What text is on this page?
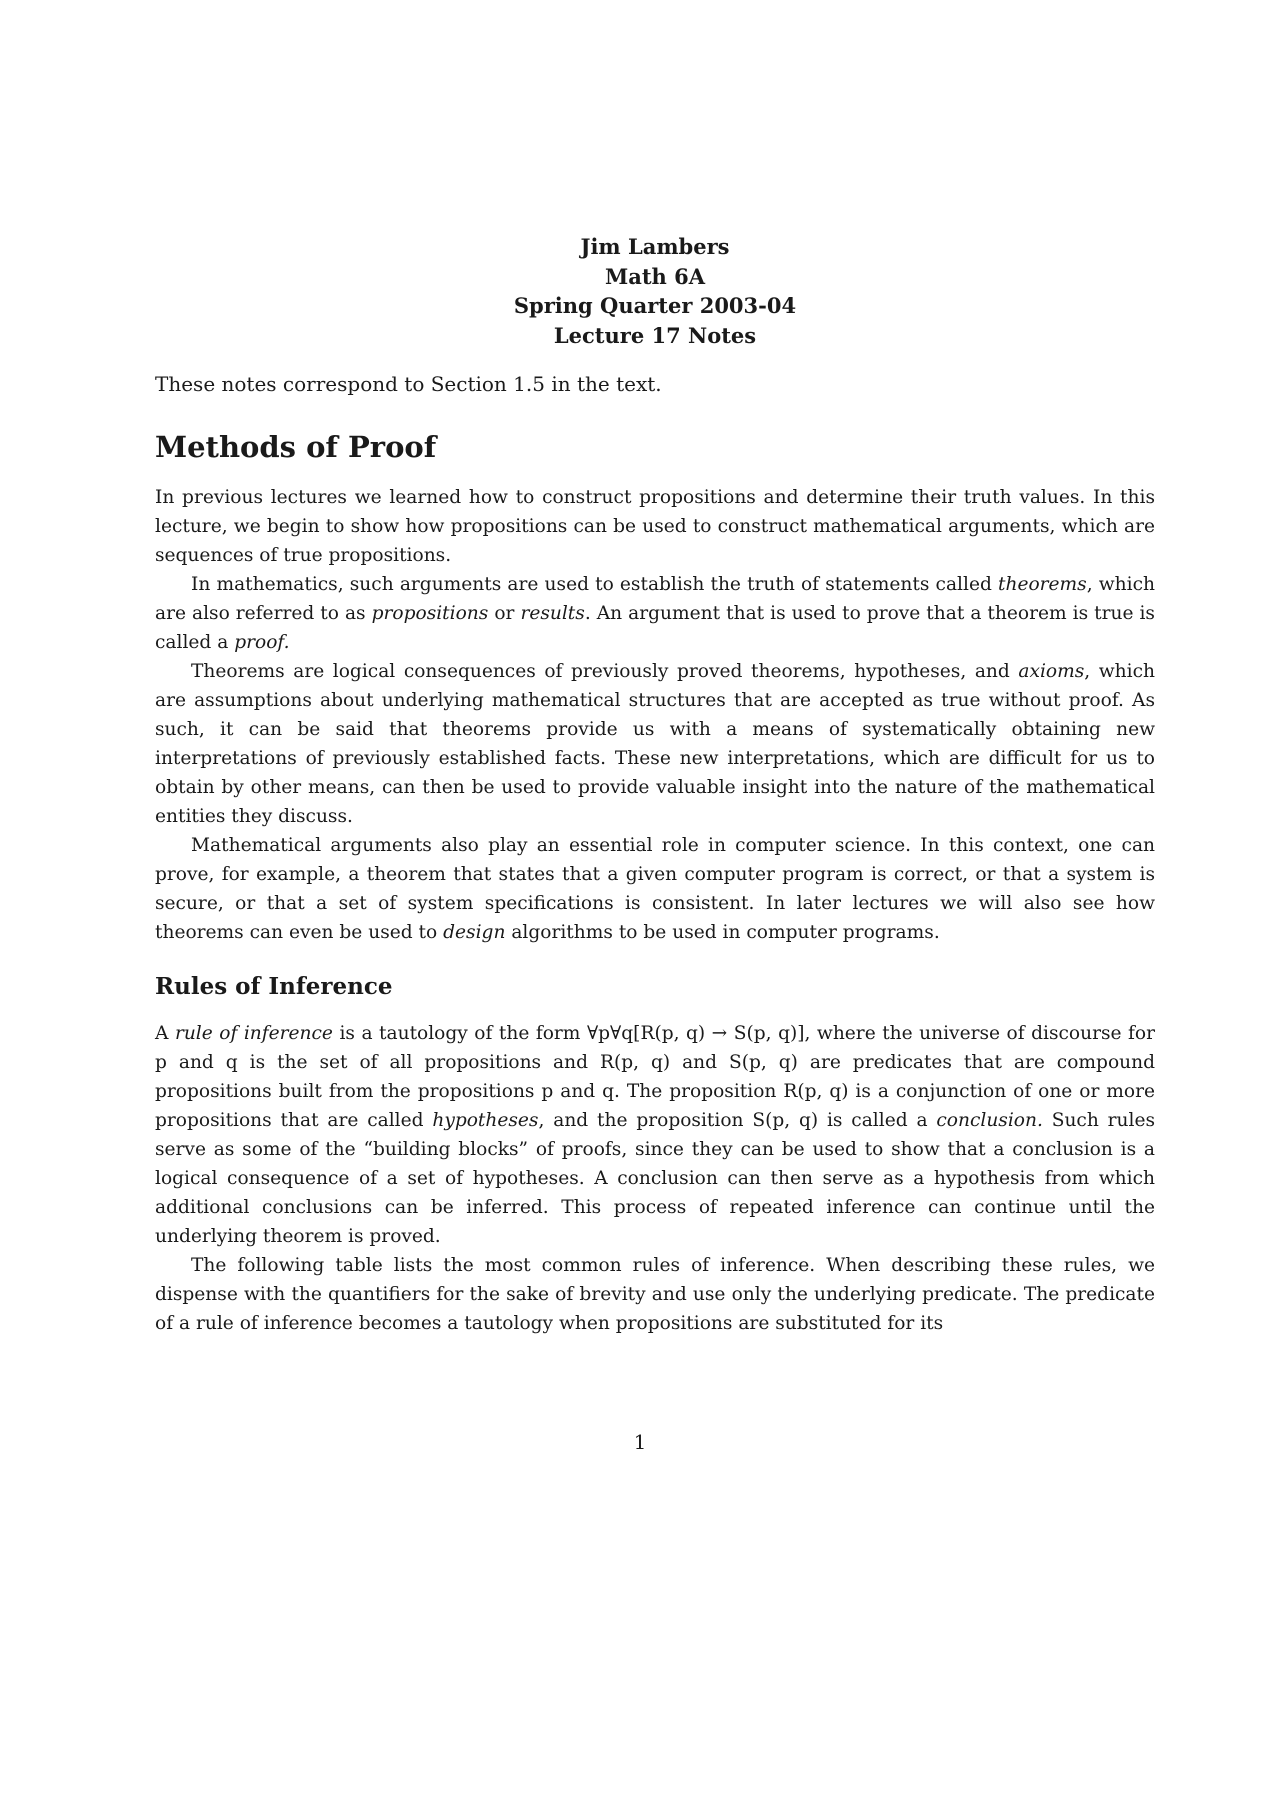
Jim Lambers
Math 6A
Spring Quarter 2003-04
Lecture 17 Notes
These notes correspond to Section 1.5 in the text.
Methods of Proof

In previous lectures we learned how to construct propositions and determine their truth values. In this lecture, we begin to show how propositions can be used to construct mathematical arguments, which are sequences of true propositions.

In mathematics, such arguments are used to establish the truth of statements called theorems, which are also referred to as propositions or results. An argument that is used to prove that a theorem is true is called a proof.

Theorems are logical consequences of previously proved theorems, hypotheses, and axioms, which are assumptions about underlying mathematical structures that are accepted as true without proof. As such, it can be said that theorems provide us with a means of systematically obtaining new interpretations of previously established facts. These new interpretations, which are difficult for us to obtain by other means, can then be used to provide valuable insight into the nature of the mathematical entities they discuss.

Mathematical arguments also play an essential role in computer science. In this context, one can prove, for example, a theorem that states that a given computer program is correct, or that a system is secure, or that a set of system specifications is consistent. In later lectures we will also see how theorems can even be used to design algorithms to be used in computer programs.

Rules of Inference

A rule of inference is a tautology of the form ∀p∀q[R(p, q) → S(p, q)], where the universe of discourse for p and q is the set of all propositions and R(p, q) and S(p, q) are predicates that are compound propositions built from the propositions p and q. The proposition R(p, q) is a conjunction of one or more propositions that are called hypotheses, and the proposition S(p, q) is called a conclusion. Such rules serve as some of the “building blocks” of proofs, since they can be used to show that a conclusion is a logical consequence of a set of hypotheses. A conclusion can then serve as a hypothesis from which additional conclusions can be inferred. This process of repeated inference can continue until the underlying theorem is proved.

The following table lists the most common rules of inference. When describing these rules, we dispense with the quantifiers for the sake of brevity and use only the underlying predicate. The predicate of a rule of inference becomes a tautology when propositions are substituted for its

1
